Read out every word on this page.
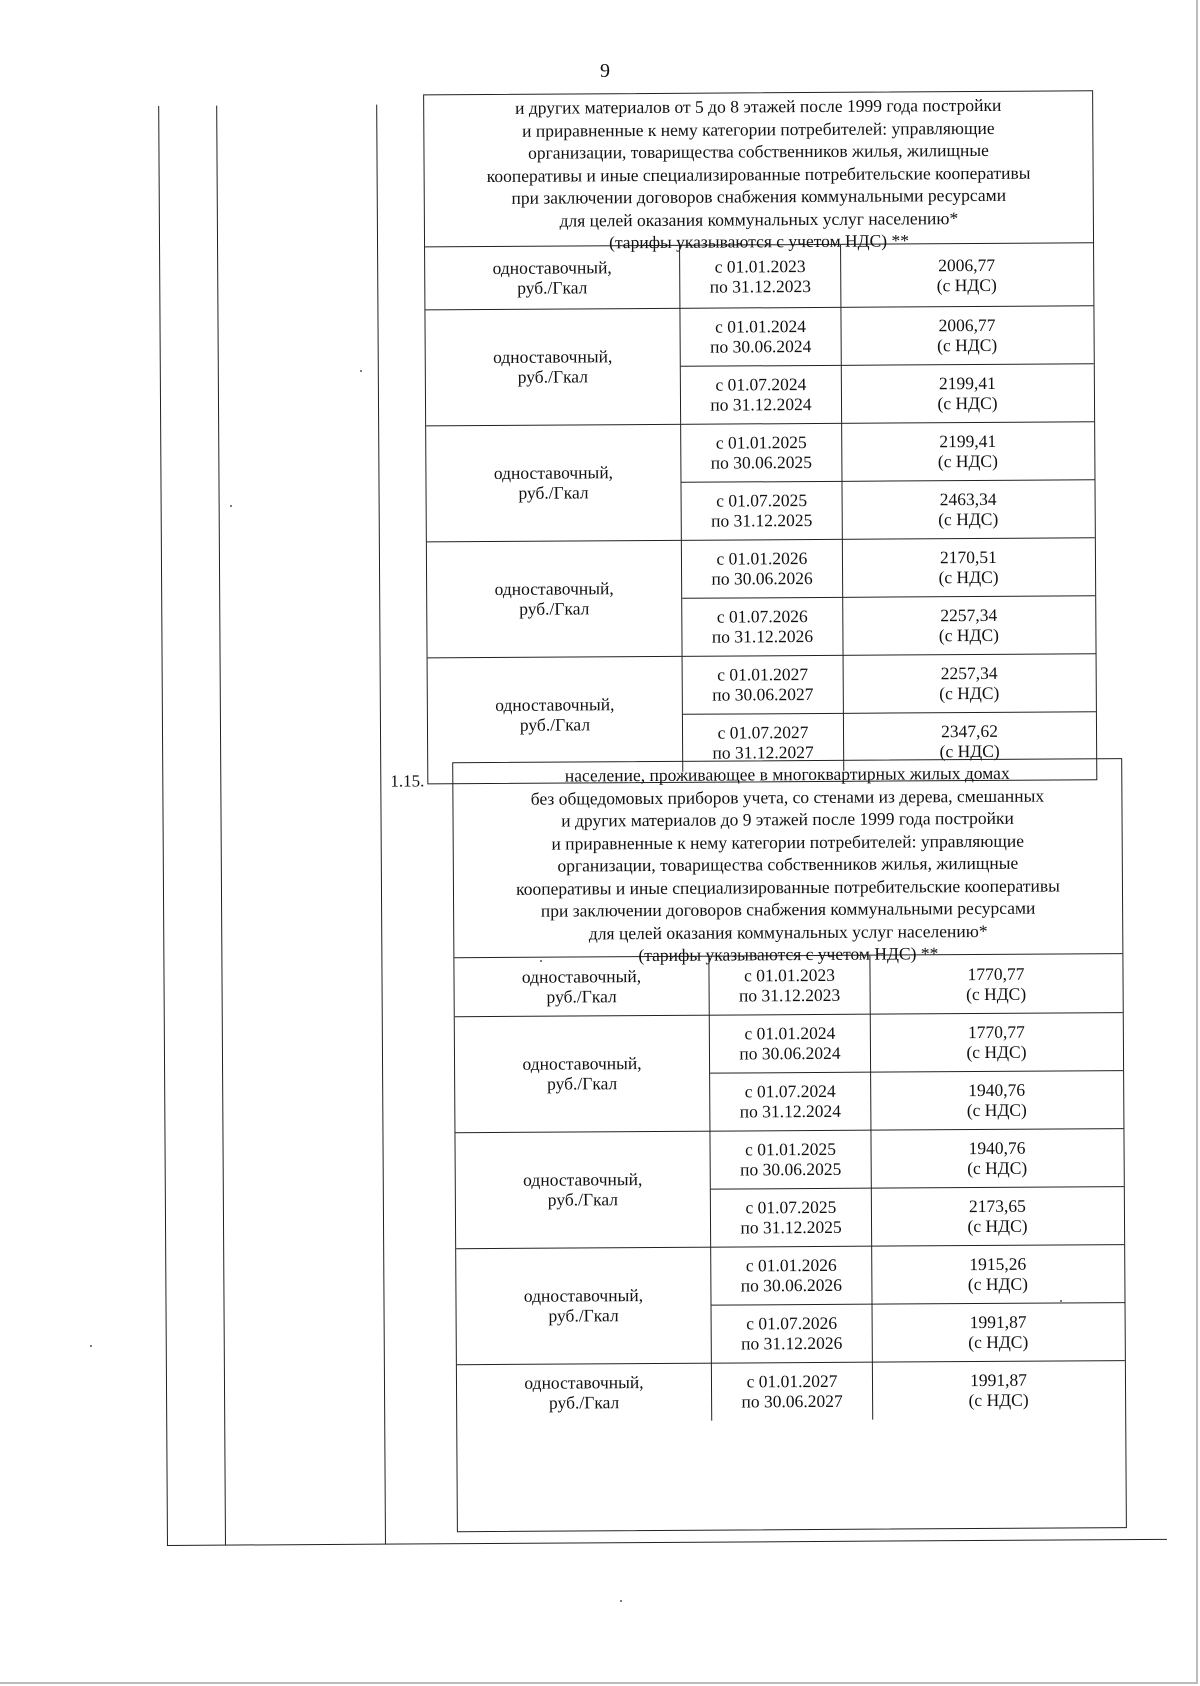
9
и других материалов от 5 до 8 этажей после 1999 года постройки
и приравненные к нему категории потребителей: управляющие
организации, товарищества собственников жилья, жилищные
кооперативы и иные специализированные потребительские кооперативы
при заключении договоров снабжения коммунальными ресурсами
для целей оказания коммунальных услуг населению*
(тарифы указываются с учетом НДС) **
одноставочный,
руб./Гкал
с 01.01.2023
по 31.12.2023
2006,77
(с НДС)
одноставочный,
руб./Гкал
с 01.01.2024
по 30.06.2024
с 01.07.2024
по 31.12.2024
2006,77
(с НДС)
2199,41
(с НДС)
одноставочный,
руб./Гкал
с 01.01.2025
по 30.06.2025
с 01.07.2025
по 31.12.2025
2199,41
(с НДС)
2463,34
(с НДС)
одноставочный,
руб./Гкал
с 01.01.2026
по 30.06.2026
с 01.07.2026
по 31.12.2026
2170,51
(с НДС)
2257,34
(с НДС)
одноставочный,
руб./Гкал
с 01.01.2027
по 30.06.2027
с 01.07.2027
по 31.12.2027
2257,34
(с НДС)
2347,62
(с НДС)
1.15.	население, проживающее в многоквартирных жилых домах
без общедомовых приборов учета, со стенами из дерева, смешанных
и других материалов до 9 этажей после 1999 года постройки
и приравненные к нему категории потребителей: управляющие
организации, товарищества собственников жилья, жилищные
кооперативы и иные специализированные потребительские кооперативы
при заключении договоров снабжения коммунальными ресурсами
для целей оказания коммунальных услуг населению*
(тарифы указываются с учетом НДС) **
одноставочный,
руб./Гкал
с 01.01.2023
по 31.12.2023
1770,77
(с НДС)
одноставочный,
руб./Гкал
с 01.01.2024
по 30.06.2024
с 01.07.2024
по 31.12.2024
1770,77
(с НДС)
1940,76
(с НДС)
одноставочный,
руб./Гкал
с 01.01.2025
по 30.06.2025
с 01.07.2025
по 31.12.2025
1940,76
(с НДС)
2173,65
(с НДС)
одноставочный,
руб./Гкал
с 01.01.2026
по 30.06.2026
с 01.07.2026
по 31.12.2026
1915,26
(с НДС)
1991,87
(с НДС)
одноставочный,
руб./Гкал
с 01.01.2027
по 30.06.2027
1991,87
(с НДС)
